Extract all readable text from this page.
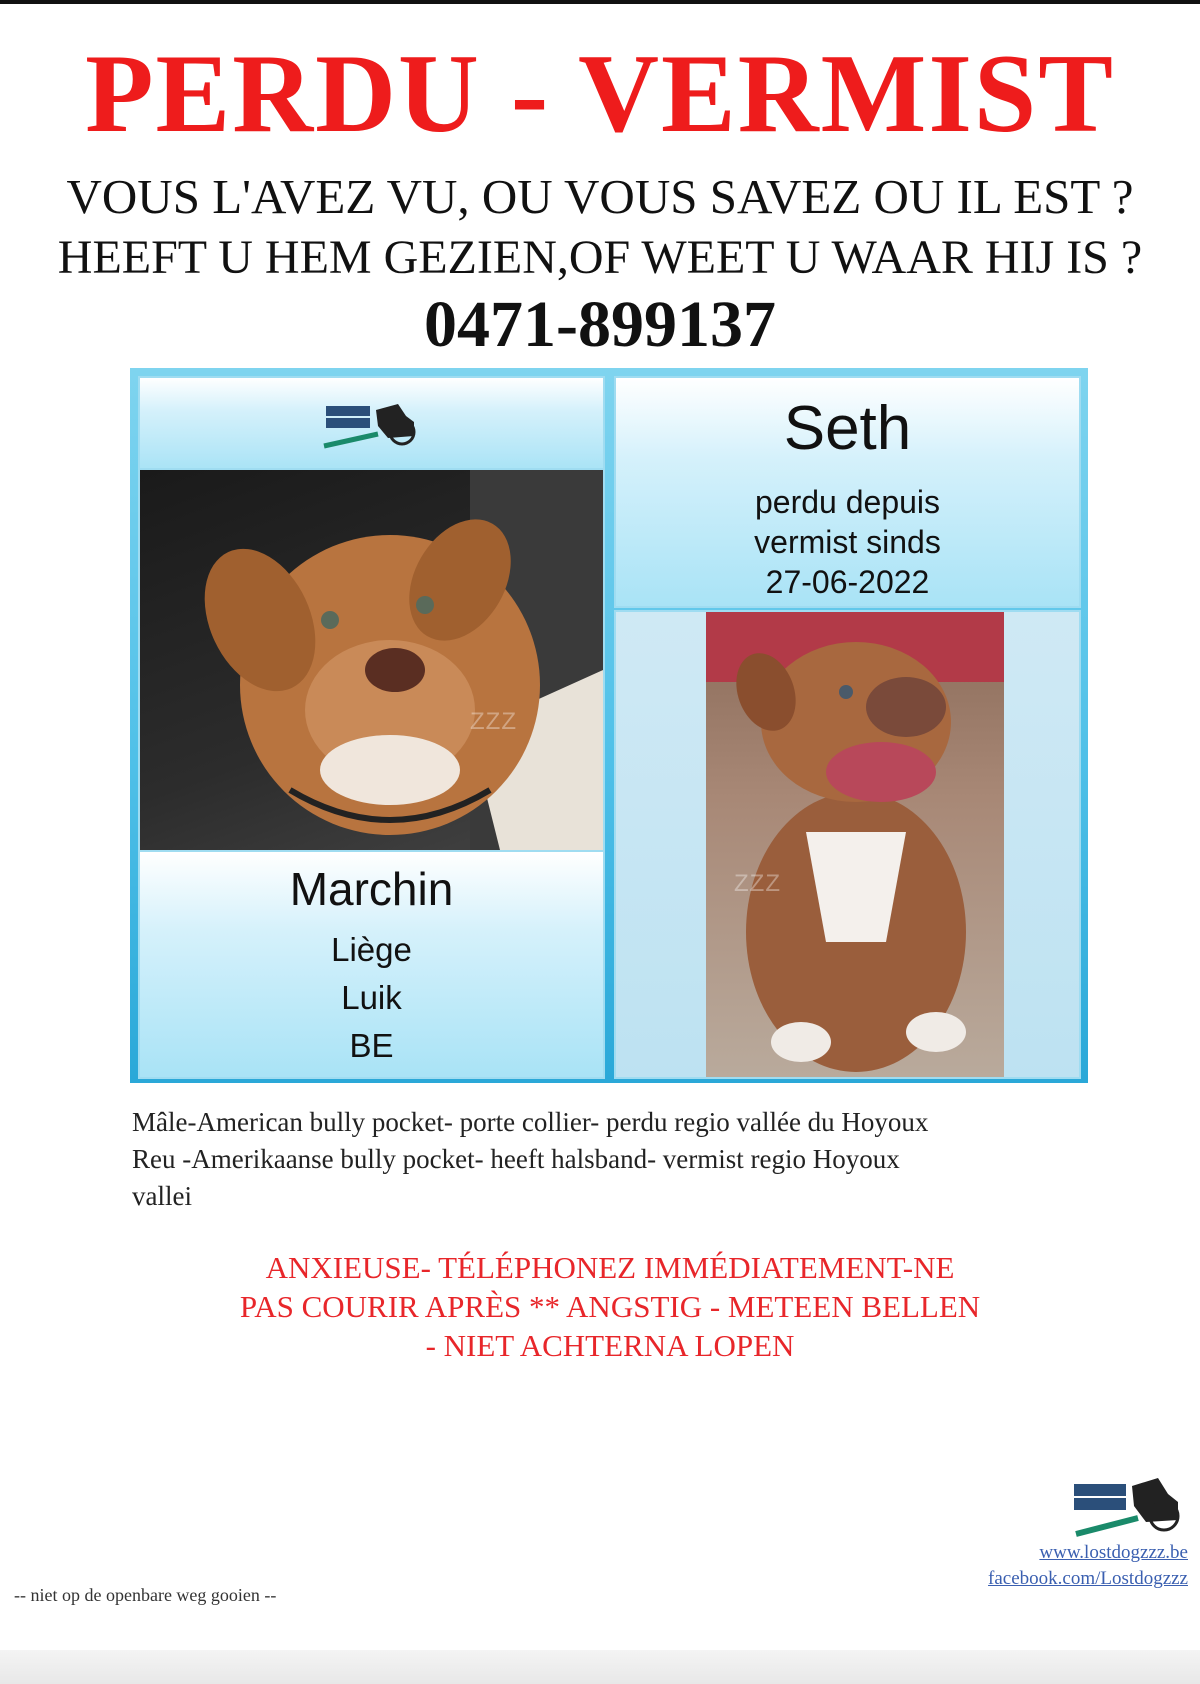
PERDU - VERMIST
VOUS L'AVEZ VU, OU VOUS SAVEZ OU IL EST ?
HEEFT U HEM GEZIEN,OF WEET U WAAR HIJ IS ?
0471-899137
ZZZ
Seth
perdu depuis
vermist sinds
27-06-2022
ZZZ
Marchin
Liège
Luik
BE
Mâle-American bully pocket- porte collier- perdu regio vallée du Hoyoux
Reu -Amerikaanse bully pocket- heeft halsband- vermist regio Hoyoux
vallei
ANXIEUSE- TÉLÉPHONEZ IMMÉDIATEMENT-NE
PAS COURIR APRÈS ** ANGSTIG - METEEN BELLEN
- NIET ACHTERNA LOPEN
www.lostdogzzz.be
facebook.com/Lostdogzzz
-- niet op de openbare weg gooien --
